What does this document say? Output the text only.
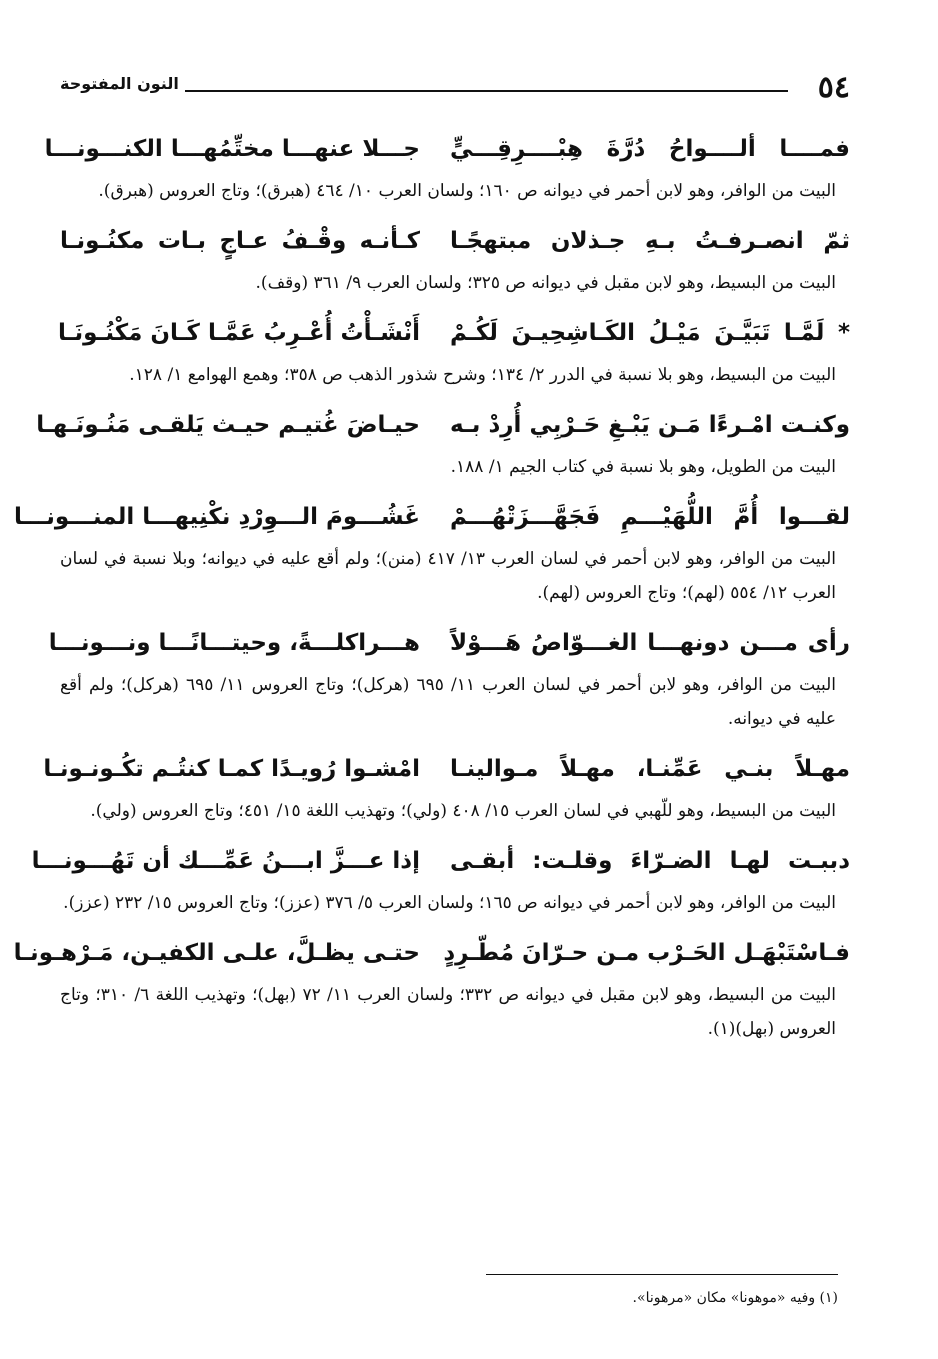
٥٤
النون المفتوحة
فمــــا ألــــواحُ دُرَّةَ هِبْــــرِقِـــيٍّ
جـــلا عنهـــا مختِّمُهـــا الكنـــونـــا
البيت من الوافر، وهو لابن أحمر في ديوانه ص ١٦٠؛ ولسان العرب ١٠/ ٤٦٤ (هبرق)؛ وتاج العروس (هبرق).
ثمّ انصـرفـتُ بـهِ جـذلان مبتهجًـا
كـأنـه وقْـفُ عـاجٍ بـات مكنُـونـا
البيت من البسيط، وهو لابن مقبل في ديوانه ص ٣٢٥؛ ولسان العرب ٩/ ٣٦١ (وقف).
* لَمَّـا تَبَيَّـنَ مَيْـلُ الكَـاشِحِيـنَ لَكُـمْ
أَنْشَـأْتُ أُعْـرِبُ عَمَّـا كَـانَ مَكْنُـونَـا
البيت من البسيط، وهو بلا نسبة في الدرر ٢/ ١٣٤؛ وشرح شذور الذهب ص ٣٥٨؛ وهمع الهوامع ١/ ١٢٨.
وكنـت امْـرءًا مَـن يَبْـغِ حَـرْبِي أُرِدْ بـه
حيـاضَ غُتيـم حيـث يَلقـى مَنُـونَـهـا
البيت من الطويل، وهو بلا نسبة في كتاب الجيم ١/ ١٨٨.
لقـــوا أُمَّ اللُّهَيْـــمِ فَجَهَّـــزَتْهُـــمْ
غَشُـــومَ الـــوِرْدِ نكْنِيهـــا المنـــونـــا
البيت من الوافر، وهو لابن أحمر في لسان العرب ١٣/ ٤١٧ (منن)؛ ولم أقع عليه في ديوانه؛ وبلا نسبة في لسان العرب ١٢/ ٥٥٤ (لهم)؛ وتاج العروس (لهم).
رأى مـــن دونهـــا الغـــوّاصُ هَـــوْلاً
هـــراكلـــةً، وحيتـــانًـــا ونـــونـــا
البيت من الوافر، وهو لابن أحمر في لسان العرب ١١/ ٦٩٥ (هركل)؛ وتاج العروس ١١/ ٦٩٥ (هركل)؛ ولم أقع عليه في ديوانه.
مهـلاً بنـي عَمِّنـا، مهـلاً مـوالينـا
امْشـوا رُويـدًا كمـا كنتُـم تكُـونـونـا
البيت من البسيط، وهو للّهبي في لسان العرب ١٥/ ٤٠٨ (ولي)؛ وتهذيب اللغة ١٥/ ٤٥١؛ وتاج العروس (ولي).
دببـت لهـا الضـرّاءَ وقلـت: أبقـى
إذا عـــزَّ ابـــنُ عَمِّـــك أن تَهُـــونـــا
البيت من الوافر، وهو لابن أحمر في ديوانه ص ١٦٥؛ ولسان العرب ٥/ ٣٧٦ (عزز)؛ وتاج العروس ١٥/ ٢٣٢ (عزز).
فـاسْتَبْهَـل الحَـرْب مـن حـرّانَ مُطّـرِدٍ
حتـى يظـلَّ، علـى الكفيـن، مَـرْهـونـا
البيت من البسيط، وهو لابن مقبل في ديوانه ص ٣٣٢؛ ولسان العرب ١١/ ٧٢ (بهل)؛ وتهذيب اللغة ٦/ ٣١٠؛ وتاج العروس (بهل)(١).
(١) وفيه «موهونا» مكان «مرهونا».
